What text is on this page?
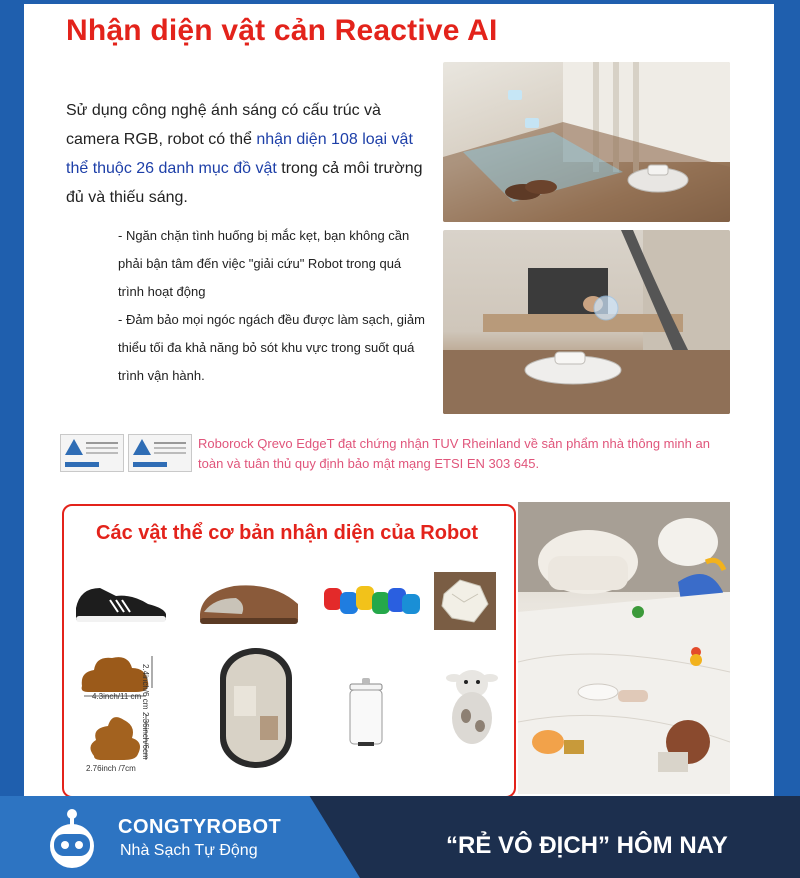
Nhận diện vật cản Reactive AI
Sử dụng công nghệ ánh sáng có cấu trúc và camera RGB, robot có thể nhận diện 108 loại vật thể thuộc 26 danh mục đồ vật trong cả môi trường đủ và thiếu sáng.
- Ngăn chặn tình huống bị mắc kẹt, bạn không cần phải bận tâm đến việc "giải cứu" Robot trong quá trình hoạt động
- Đảm bảo mọi ngóc ngách đều được làm sạch, giảm thiểu tối đa khả năng bỏ sót khu vực trong suốt quá trình vận hành.
Roborock Qrevo EdgeT đạt chứng nhận TUV Rheinland về sản phẩm nhà thông minh an toàn và tuân thủ quy định bảo mật mạng ETSI EN 303 645.
Các vật thể cơ bản nhận diện của Robot
4.3inch/11 cm 2.4inch/6 cm
2.76inch /7cm
2.36inch/6cm
CONGTYROBOT
Nhà Sạch Tự Động	“RẺ VÔ ĐỊCH” HÔM NAY
